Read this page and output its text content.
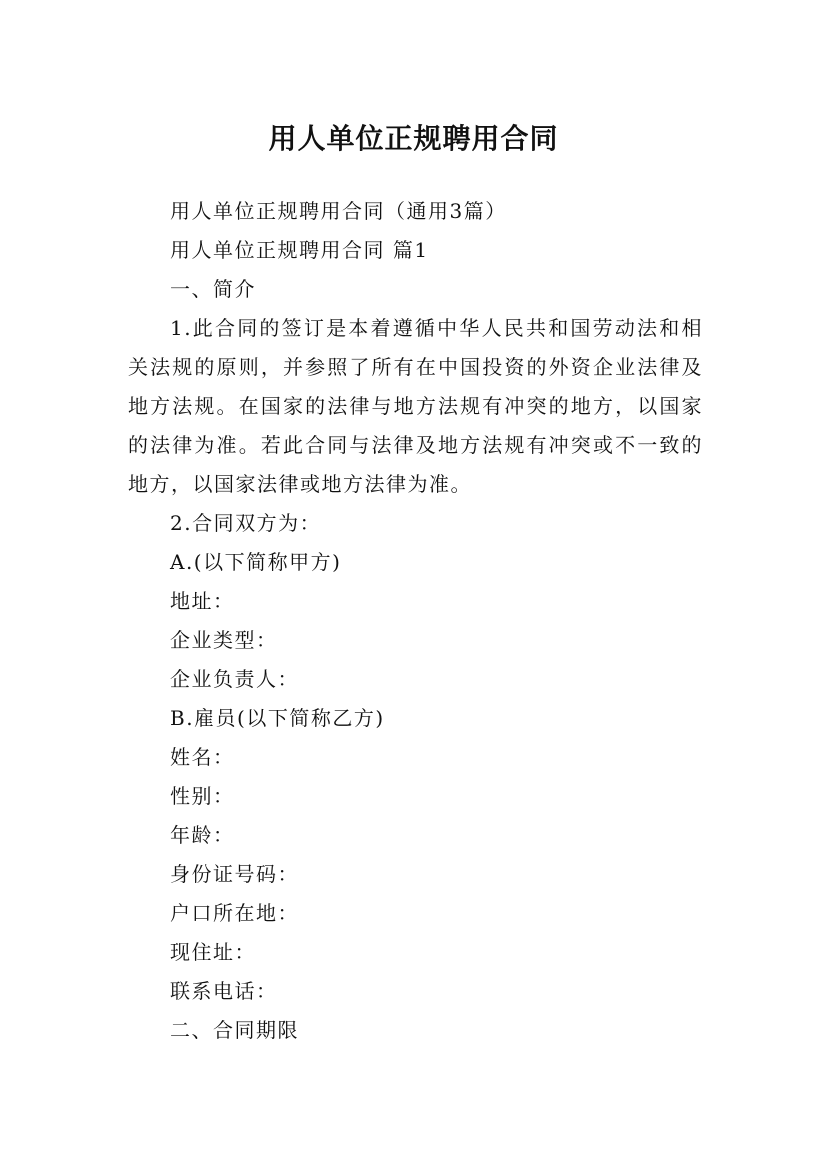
用人单位正规聘用合同

用人单位正规聘用合同（通用3篇）

用人单位正规聘用合同 篇1

一、简介

1.此合同的签订是本着遵循中华人民共和国劳动法和相关法规的原则，并参照了所有在中国投资的外资企业法律及地方法规。在国家的法律与地方法规有冲突的地方，以国家的法律为准。若此合同与法律及地方法规有冲突或不一致的地方，以国家法律或地方法律为准。

2.合同双方为：

A.(以下简称甲方)

地址：

企业类型：

企业负责人：

B.雇员(以下简称乙方)

姓名：

性别：

年龄：

身份证号码：

户口所在地：

现住址：

联系电话：

二、合同期限
